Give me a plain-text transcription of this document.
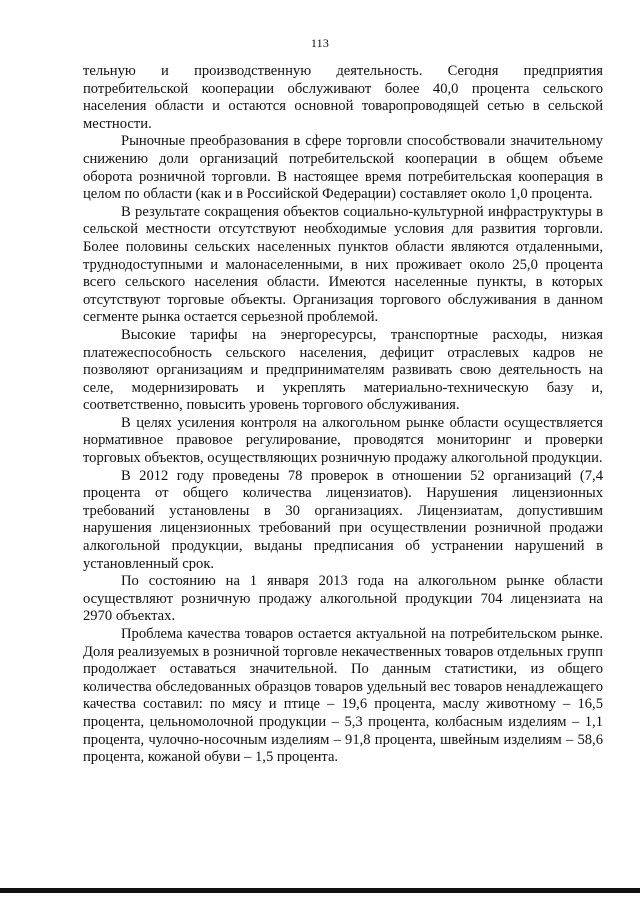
113

тельную и производственную деятельность. Сегодня предприятия потребительской кооперации обслуживают более 40,0 процента сельского населения области и остаются основной товаропроводящей сетью в сельской местности.

Рыночные преобразования в сфере торговли способствовали значительному снижению доли организаций потребительской кооперации в общем объеме оборота розничной торговли. В настоящее время потребительская кооперация в целом по области (как и в Российской Федерации) составляет около 1,0 процента.

В результате сокращения объектов социально-культурной инфраструктуры в сельской местности отсутствуют необходимые условия для развития торговли. Более половины сельских населенных пунктов области являются отдаленными, труднодоступными и малонаселенными, в них проживает около 25,0 процента всего сельского населения области. Имеются населенные пункты, в которых отсутствуют торговые объекты. Организация торгового обслуживания в данном сегменте рынка остается серьезной проблемой.

Высокие тарифы на энергоресурсы, транспортные расходы, низкая платежеспособность сельского населения, дефицит отраслевых кадров не позволяют организациям и предпринимателям развивать свою деятельность на селе, модернизировать и укреплять материально-техническую базу и, соответственно, повысить уровень торгового обслуживания.

В целях усиления контроля на алкогольном рынке области осуществляется нормативное правовое регулирование, проводятся мониторинг и проверки торговых объектов, осуществляющих розничную продажу алкогольной продукции.

В 2012 году проведены 78 проверок в отношении 52 организаций (7,4 процента от общего количества лицензиатов). Нарушения лицензионных требований установлены в 30 организациях. Лицензиатам, допустившим нарушения лицензионных требований при осуществлении розничной продажи алкогольной продукции, выданы предписания об устранении нарушений в установленный срок.

По состоянию на 1 января 2013 года на алкогольном рынке области осуществляют розничную продажу алкогольной продукции 704 лицензиата на 2970 объектах.

Проблема качества товаров остается актуальной на потребительском рынке. Доля реализуемых в розничной торговле некачественных товаров отдельных групп продолжает оставаться значительной. По данным статистики, из общего количества обследованных образцов товаров удельный вес товаров ненадлежащего качества составил: по мясу и птице – 19,6 процента, маслу животному – 16,5 процента, цельномолочной продукции – 5,3 процента, колбасным изделиям – 1,1 процента, чулочно-носочным изделиям – 91,8 процента, швейным изделиям – 58,6 процента, кожаной обуви – 1,5 процента.
